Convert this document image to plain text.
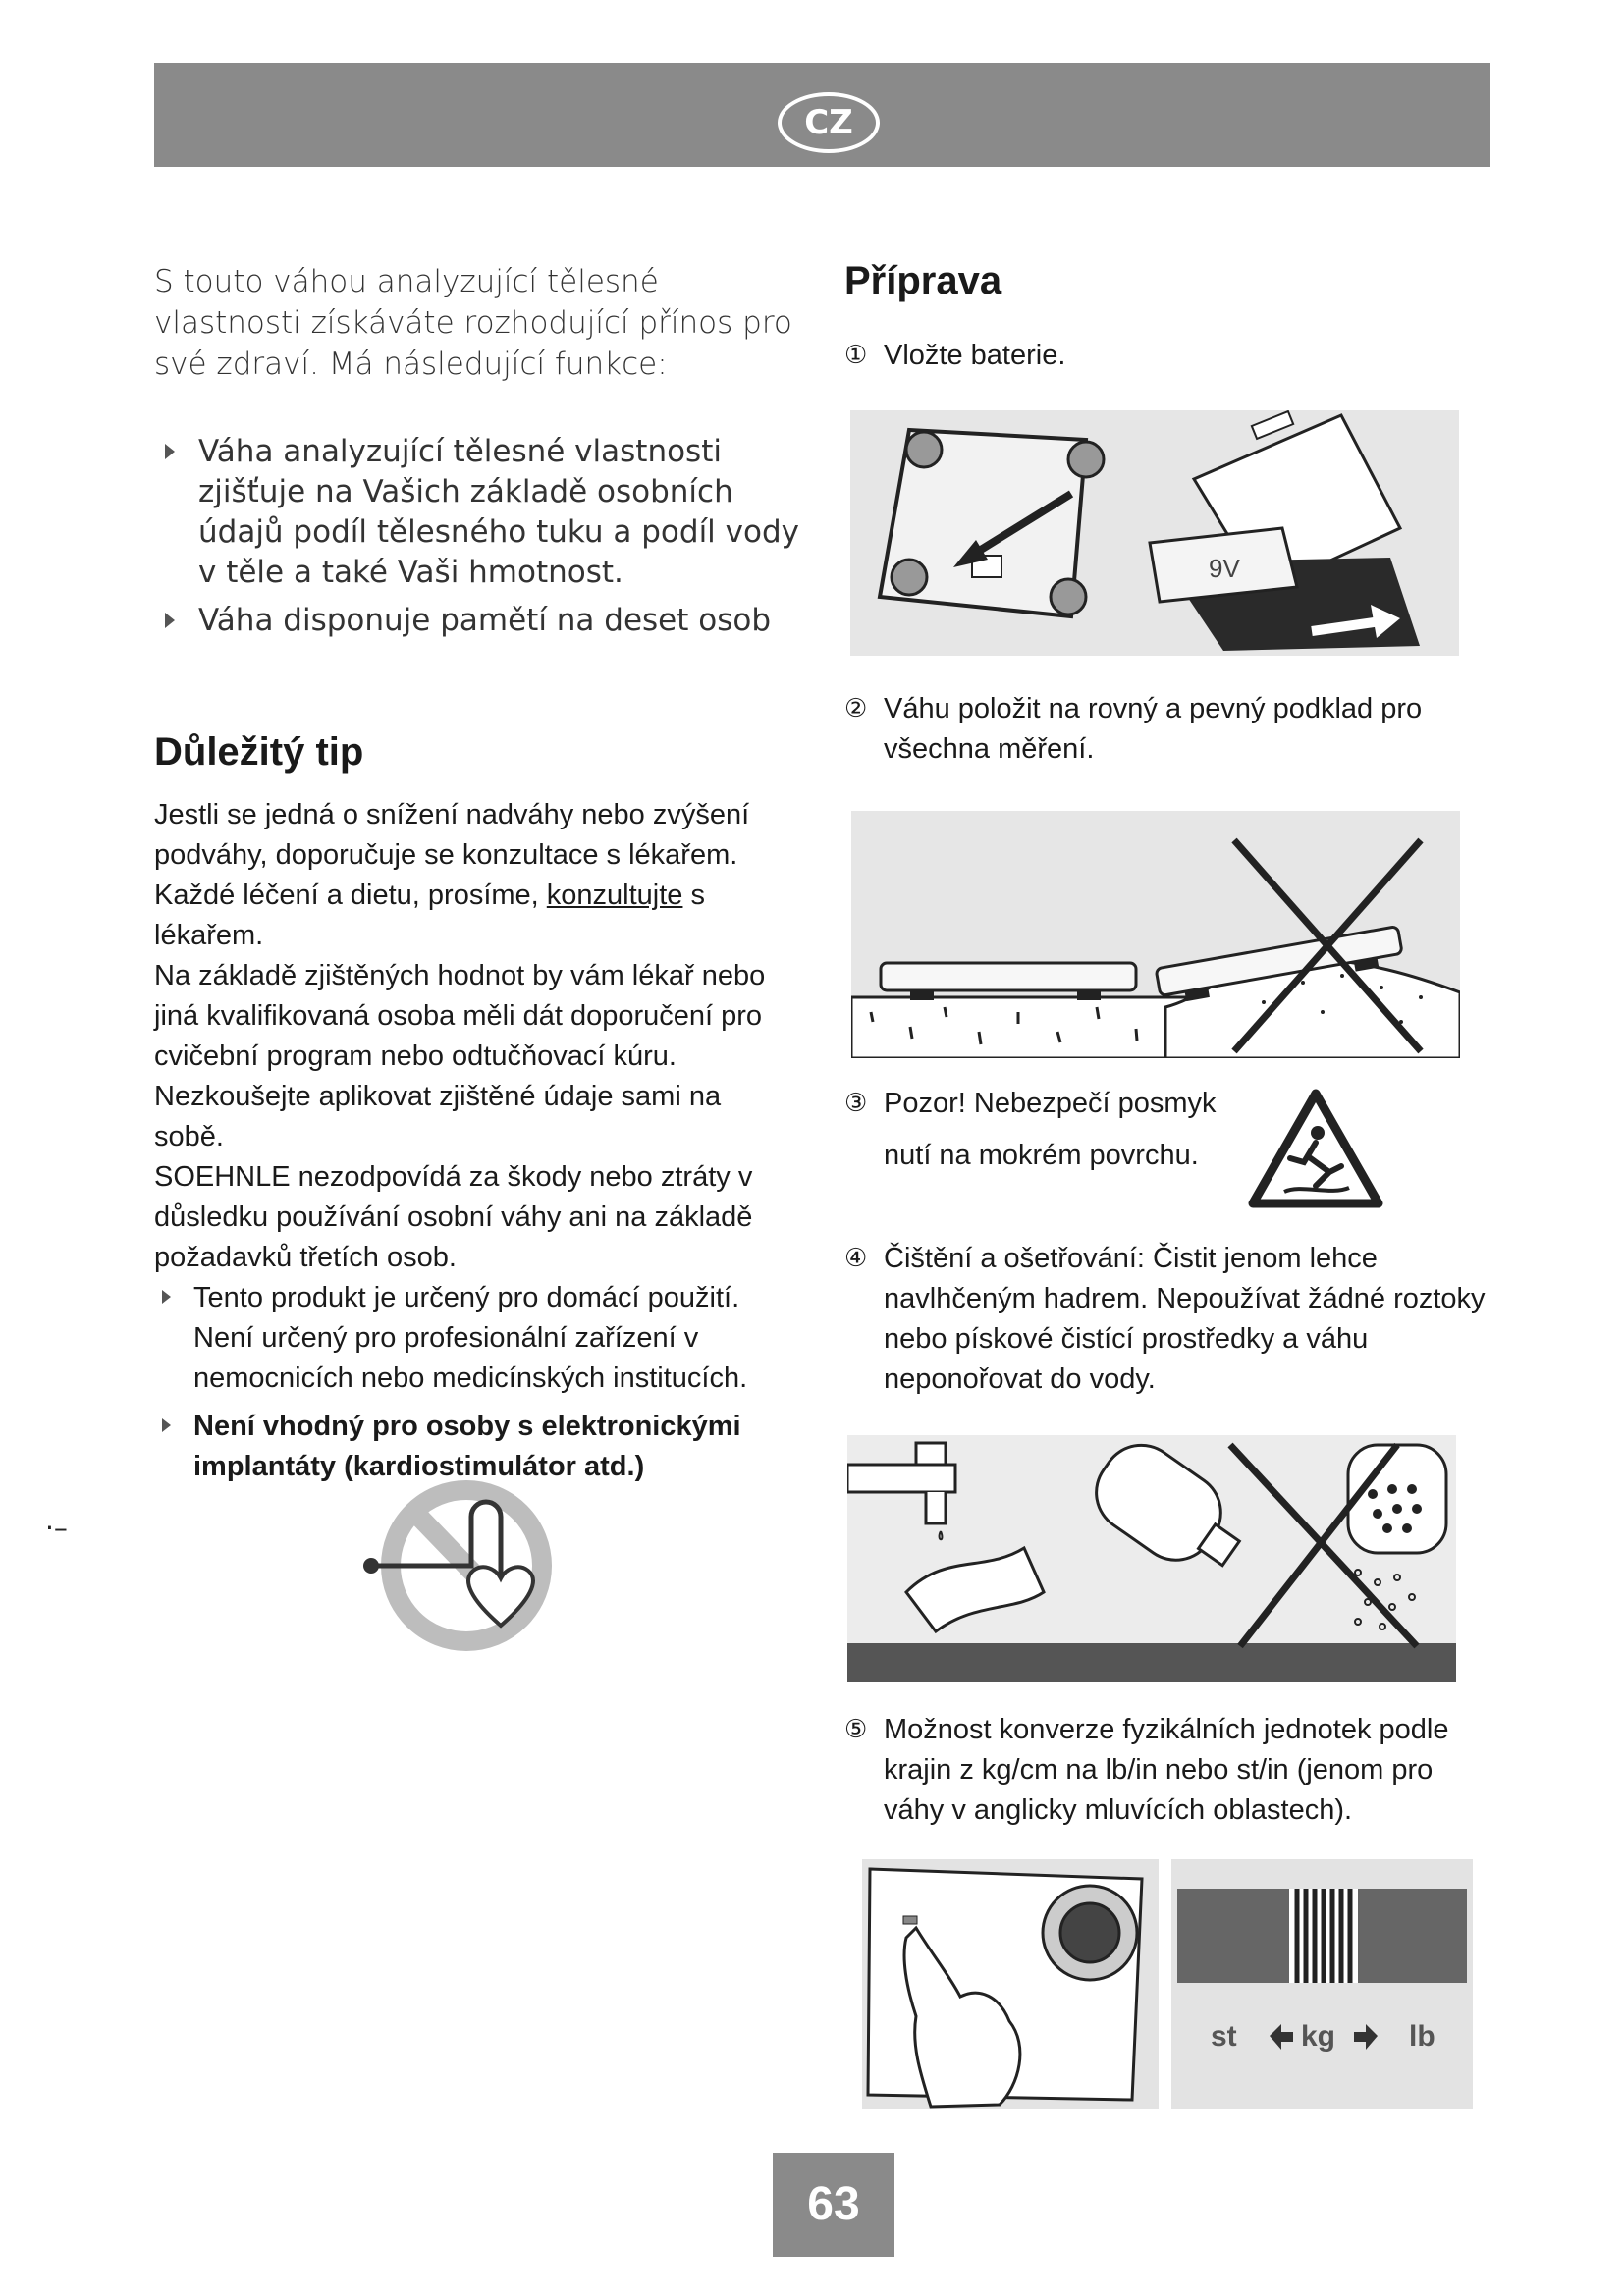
CZ
S touto váhou analyzující tělesné vlastnosti získáváte rozhodující přínos pro své zdraví. Má následující funkce:
Váha analyzující tělesné vlastnosti zjišťuje na Vašich základě osobních údajů podíl tělesného tuku a podíl vody v těle a také Vaši hmotnost.
Váha disponuje pamětí na deset osob
Důležitý tip
Jestli se jedná o snížení nadváhy nebo zvýšení podváhy, doporučuje se konzultace s lékařem. Každé léčení a dietu, prosíme, konzultujte s lékařem.
Na základě zjištěných hodnot by vám lékař nebo jiná kvalifikovaná osoba měli dát doporučení pro cvičební program nebo odtučňovací kúru. Nezkoušejte aplikovat zjištěné údaje sami na sobě.
SOEHNLE nezodpovídá za škody nebo ztráty v důsledku používání osobní váhy ani na základě požadavků třetích osob.
Tento produkt je určený pro domácí použití. Není určený pro profesionální zařízení v nemocnicích nebo medicínských institucích.
Není vhodný pro osoby s elektronickými implantáty (kardiostimulátor atd.)
·–
Příprava
① Vložte baterie.
9V
② Váhu položit na rovný a pevný podklad pro všechna měření.
③ Pozor! Nebezpečí posmyk
nutí na mokrém povrchu.
④ Čištění a ošetřování: Čistit jenom lehce navlhčeným hadrem. Nepoužívat žádné roztoky nebo pískové čistící prostředky a váhu neponořovat do vody.
⑤ Možnost konverze fyzikálních jednotek podle krajin z kg/cm na lb/in nebo st/in (jenom pro váhy v anglicky mluvících oblastech).
st kg lb
63
